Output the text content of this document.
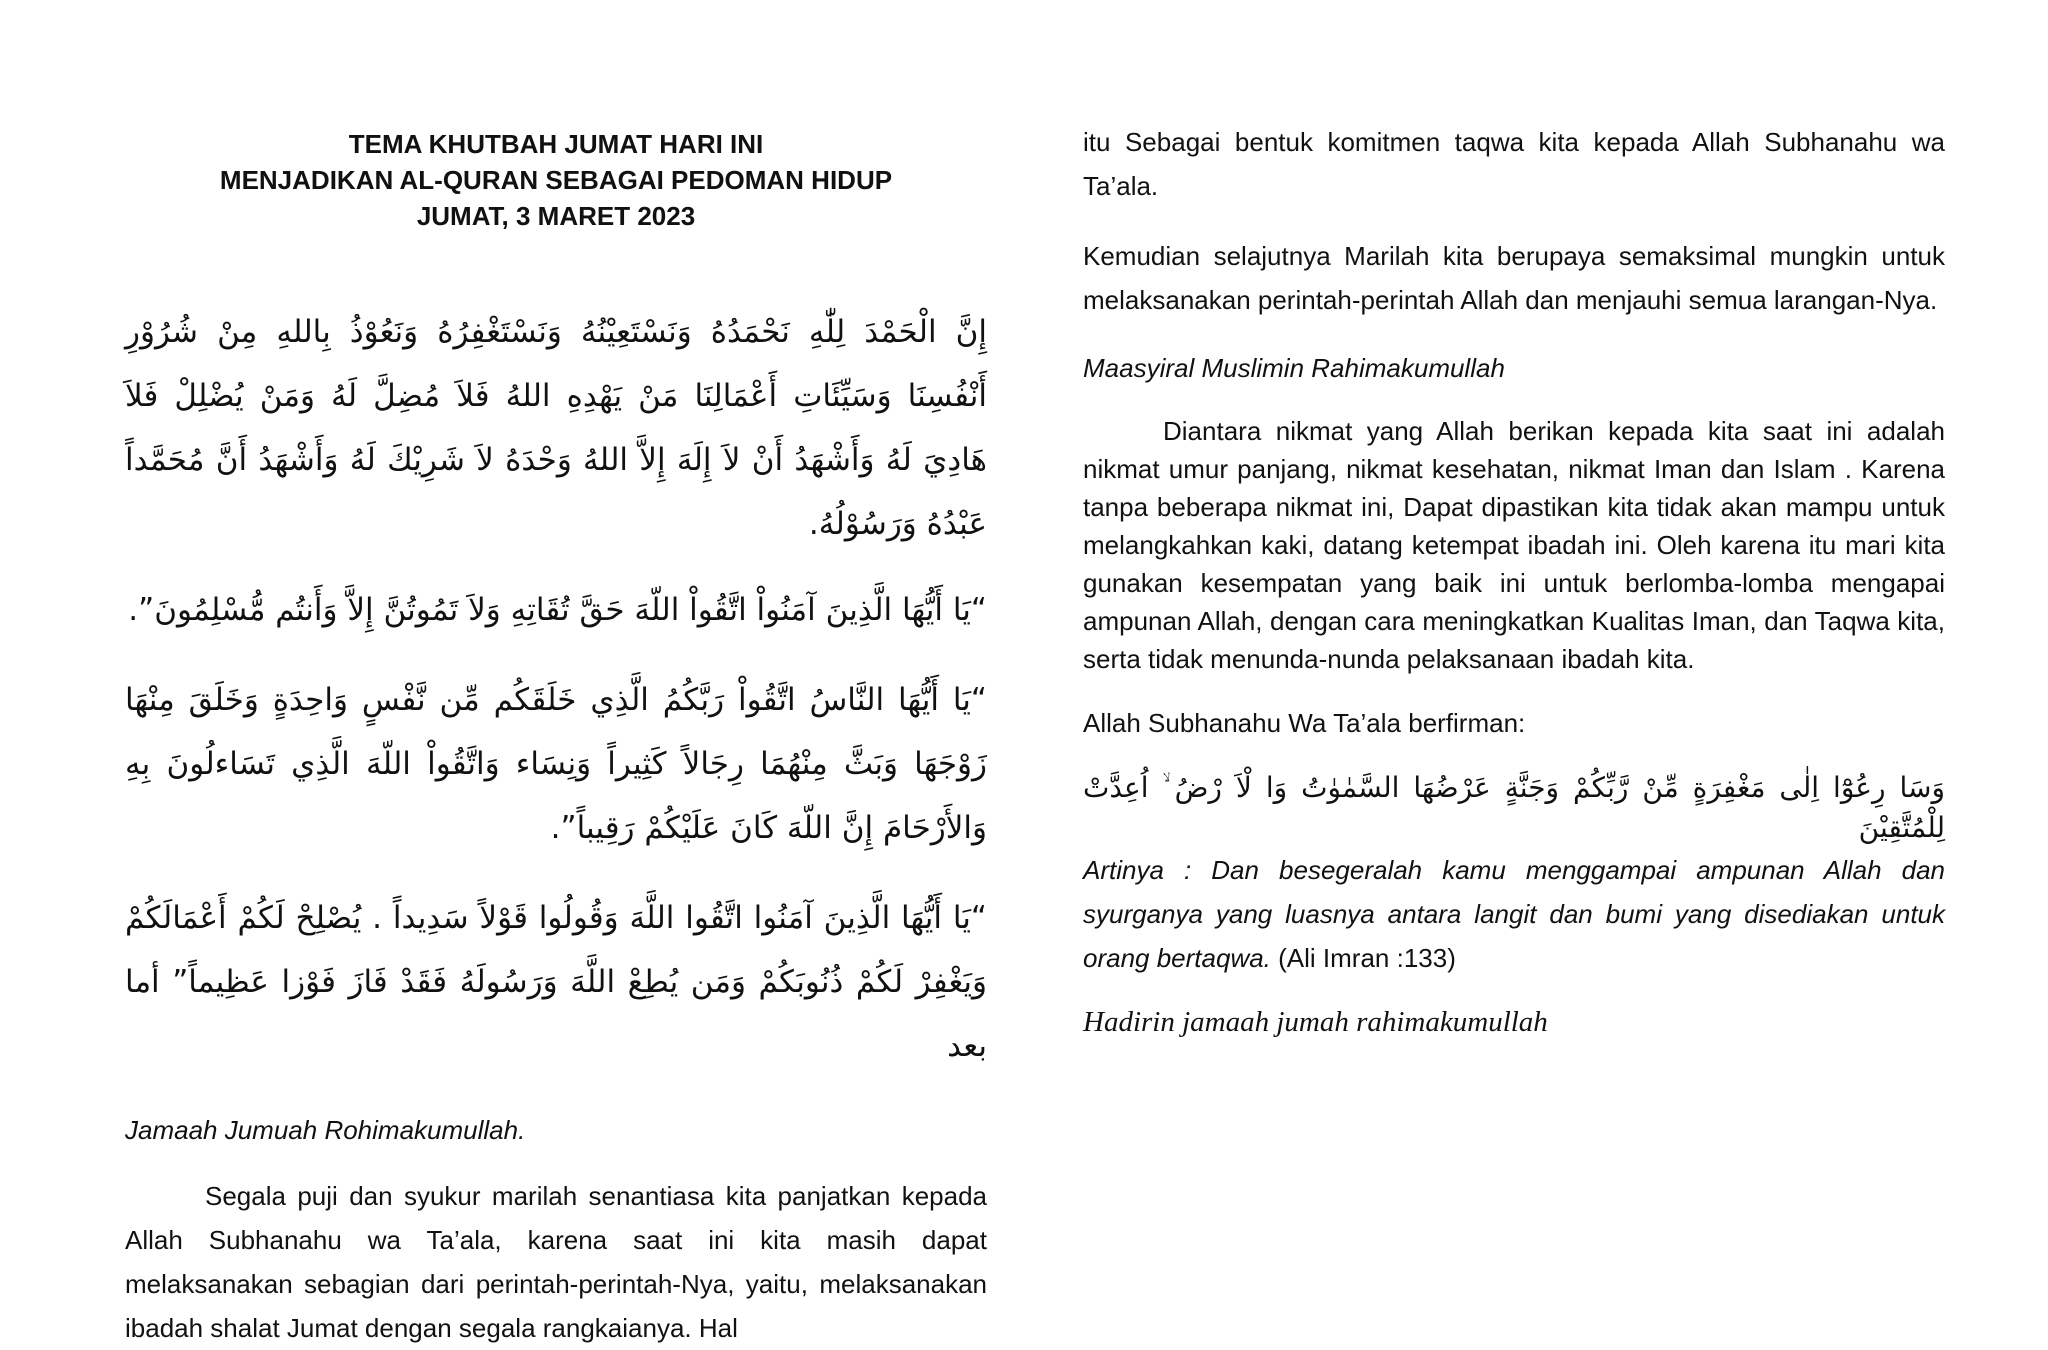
TEMA KHUTBAH JUMAT HARI INI
MENJADIKAN AL-QURAN SEBAGAI PEDOMAN HIDUP
JUMAT, 3 MARET 2023

إِنَّ الْحَمْدَ لِلّٰهِ نَحْمَدُهُ وَنَسْتَعِيْنُهُ وَنَسْتَغْفِرُهُ وَنَعُوْذُ بِاللهِ مِنْ شُرُوْرِ أَنْفُسِنَا وَسَيِّئَاتِ أَعْمَالِنَا مَنْ يَهْدِهِ اللهُ فَلاَ مُضِلَّ لَهُ وَمَنْ يُضْلِلْ فَلاَ هَادِيَ لَهُ وَأَشْهَدُ أَنْ لاَ إِلَهَ إِلاَّ اللهُ وَحْدَهُ لاَ شَرِيْكَ لَهُ وَأَشْهَدُ أَنَّ مُحَمَّداً عَبْدُهُ وَرَسُوْلُهُ.

“يَا أَيُّهَا الَّذِينَ آمَنُواْ اتَّقُواْ اللّهَ حَقَّ تُقَاتِهِ وَلاَ تَمُوتُنَّ إِلاَّ وَأَنتُم مُّسْلِمُونَ”.

“يَا أَيُّهَا النَّاسُ اتَّقُواْ رَبَّكُمُ الَّذِي خَلَقَكُم مِّن نَّفْسٍ وَاحِدَةٍ وَخَلَقَ مِنْهَا زَوْجَهَا وَبَثَّ مِنْهُمَا رِجَالاً كَثِيراً وَنِسَاء وَاتَّقُواْ اللّهَ الَّذِي تَسَاءلُونَ بِهِ وَالأَرْحَامَ إِنَّ اللّهَ كَانَ عَلَيْكُمْ رَقِيباً”.

“يَا أَيُّهَا الَّذِينَ آمَنُوا اتَّقُوا اللَّهَ وَقُولُوا قَوْلاً سَدِيداً . يُصْلِحْ لَكُمْ أَعْمَالَكُمْ وَيَغْفِرْ لَكُمْ ذُنُوبَكُمْ وَمَن يُطِعْ اللَّهَ وَرَسُولَهُ فَقَدْ فَازَ فَوْزا عَظِيماً” أما بعد

Jamaah Jumuah Rohimakumullah.

Segala puji dan syukur marilah senantiasa kita panjatkan kepada Allah Subhanahu wa Ta’ala, karena saat ini kita masih dapat melaksanakan sebagian dari perintah-perintah-Nya, yaitu, melaksanakan ibadah shalat Jumat dengan segala rangkaianya. Hal

itu Sebagai bentuk komitmen taqwa kita kepada Allah Subhanahu wa Ta’ala.

Kemudian selajutnya Marilah kita berupaya semaksimal mungkin untuk melaksanakan perintah-perintah Allah dan menjauhi semua larangan-Nya.

Maasyiral Muslimin Rahimakumullah

Diantara nikmat yang Allah berikan kepada kita saat ini adalah nikmat umur panjang, nikmat kesehatan, nikmat Iman dan Islam . Karena tanpa beberapa nikmat ini, Dapat dipastikan kita tidak akan mampu untuk melangkahkan kaki, datang ketempat ibadah ini. Oleh karena itu mari kita gunakan kesempatan yang baik ini untuk berlomba-lomba mengapai ampunan Allah, dengan cara meningkatkan Kualitas Iman, dan Taqwa kita, serta tidak menunda-nunda pelaksanaan ibadah kita.

Allah Subhanahu Wa Ta’ala berfirman:

وَسَا رِعُوْٓا اِلٰى مَغْفِرَةٍ مِّنْ رَّبِّكُمْ وَجَنَّةٍ عَرْضُهَا السَّمٰوٰتُ وَا لْاَ رْضُ ۙ اُعِدَّتْ لِلْمُتَّقِيْنَ

Artinya : Dan besegeralah kamu menggampai ampunan Allah dan syurganya yang luasnya antara langit dan bumi yang disediakan untuk orang bertaqwa. (Ali Imran :133)

Hadirin jamaah jumah rahimakumullah
